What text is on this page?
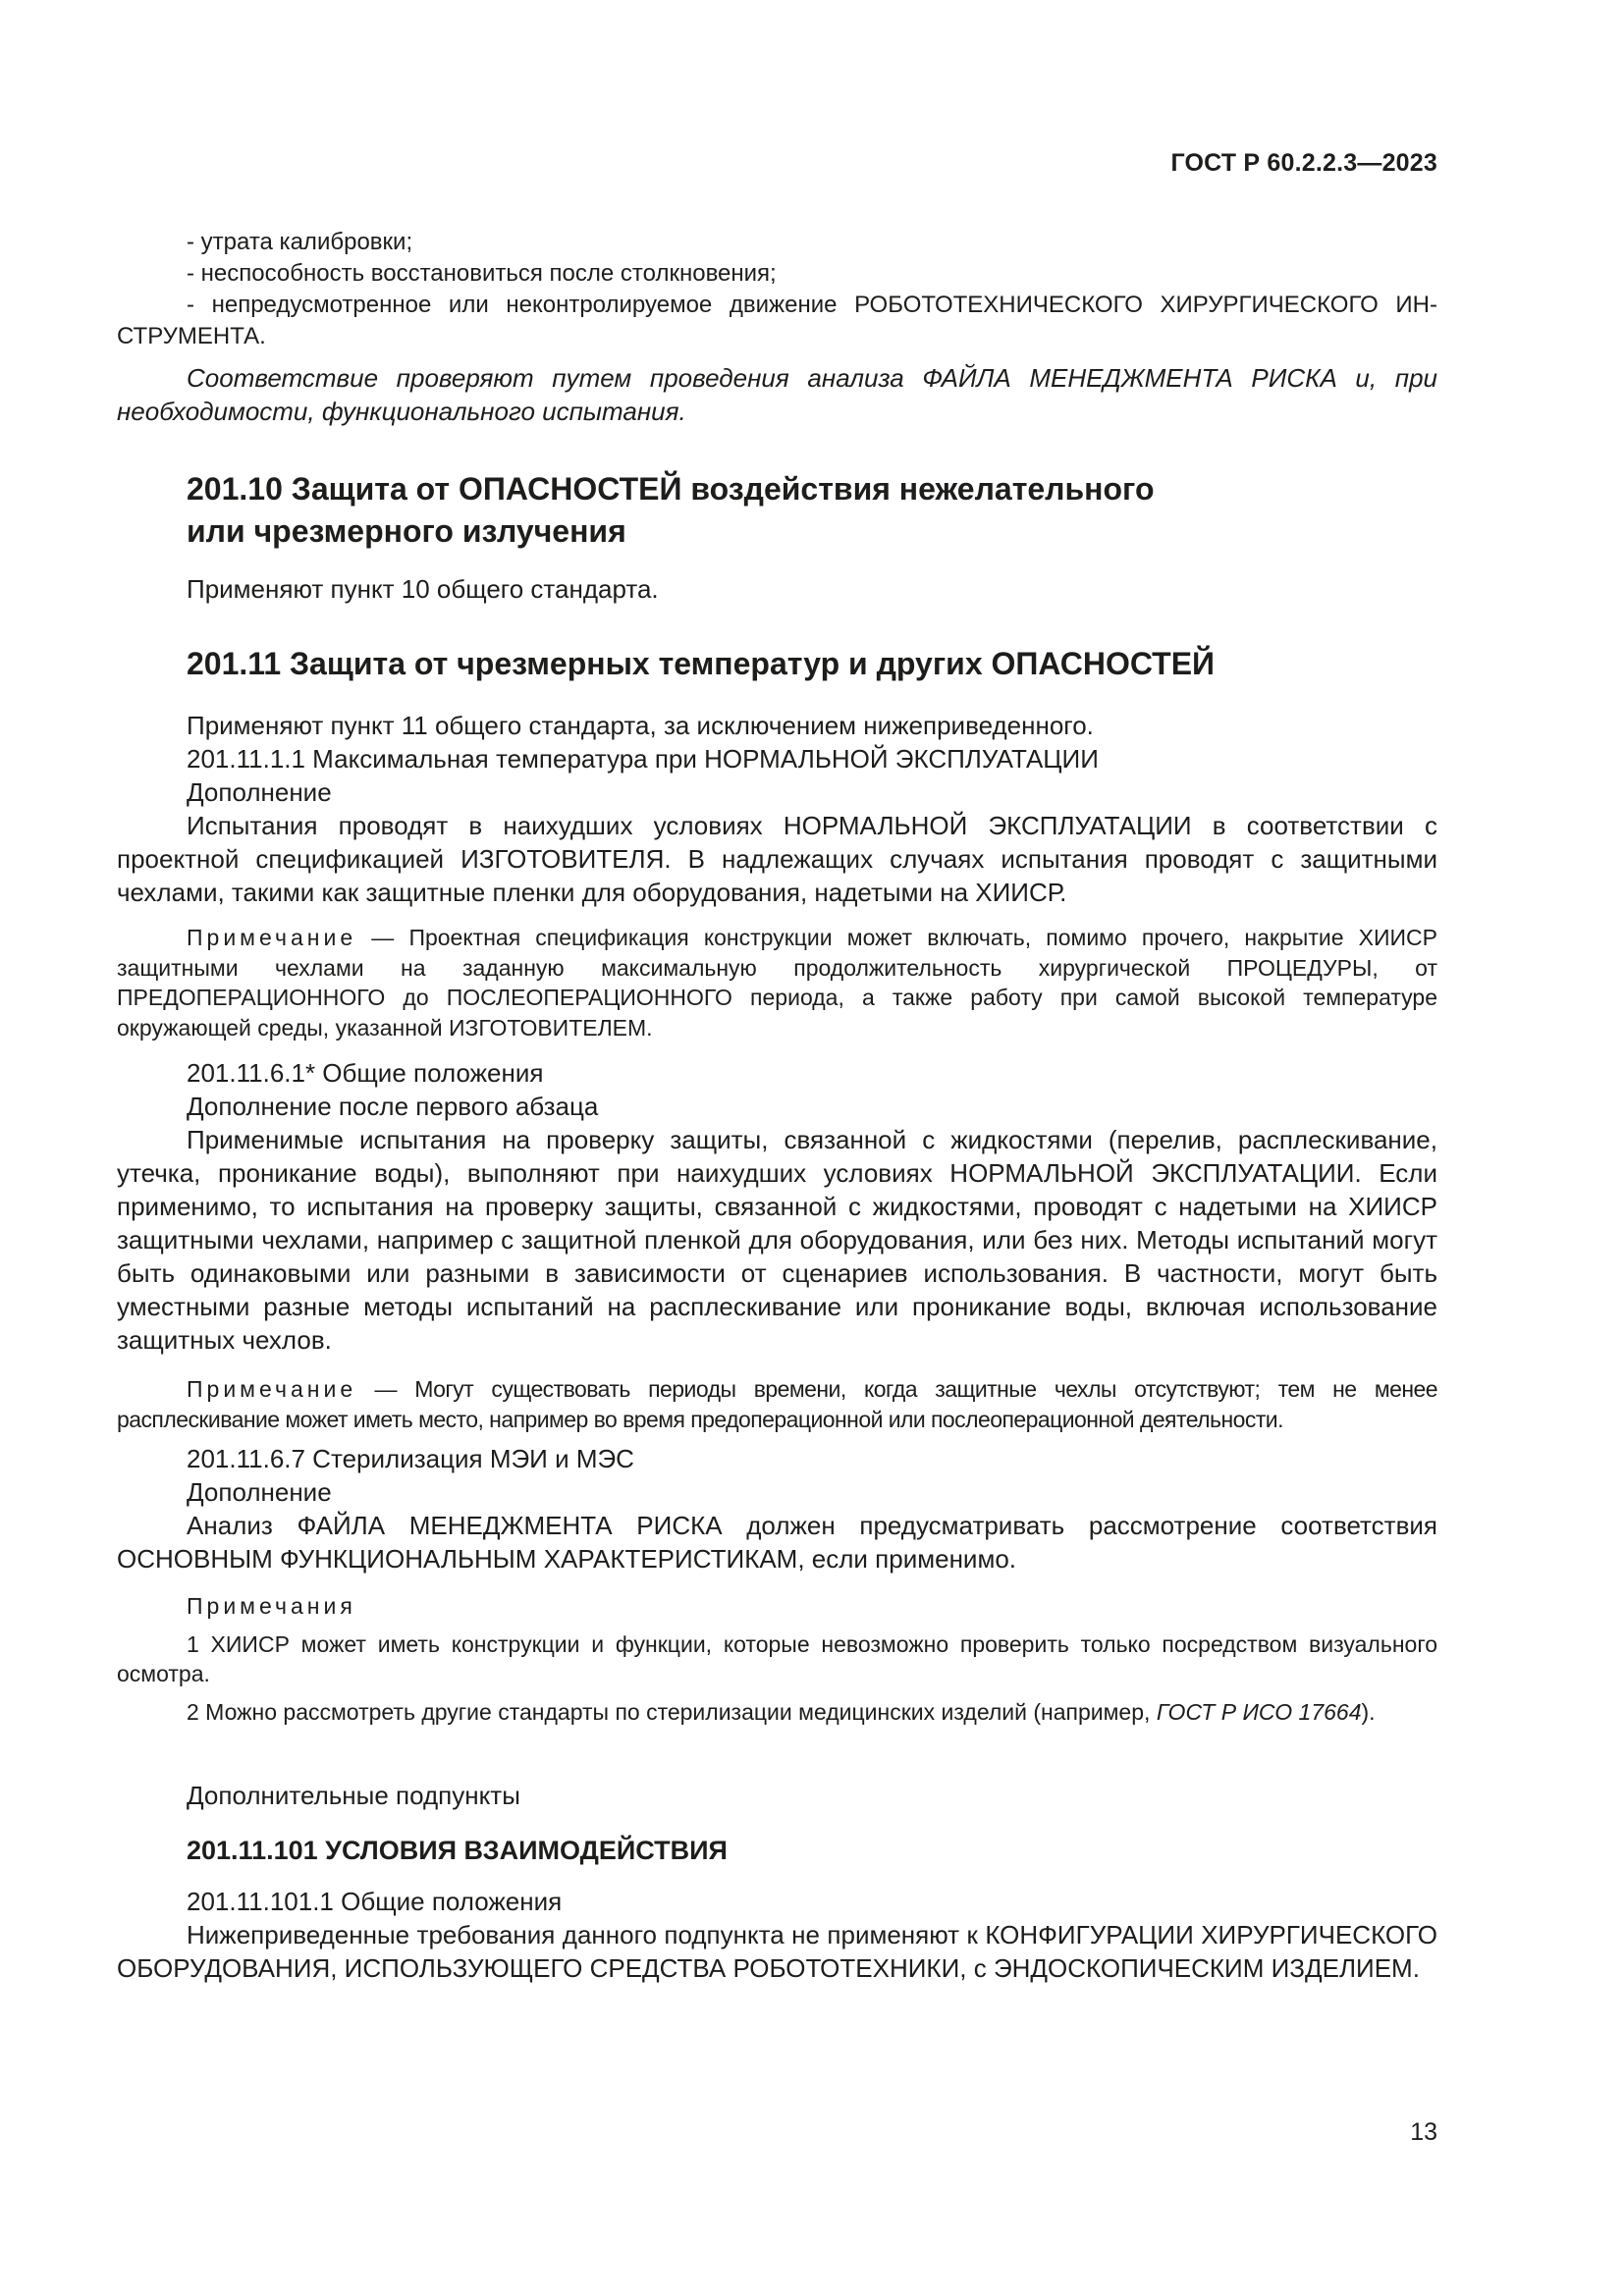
ГОСТ Р 60.2.2.3—2023

- утрата калибровки;

- неспособность восстановиться после столкновения;

- непредусмотренное или неконтролируемое движение РОБОТОТЕХНИЧЕСКОГО ХИРУРГИЧЕСКОГО ИНСТРУМЕНТА.

Соответствие проверяют путем проведения анализа ФАЙЛА МЕНЕДЖМЕНТА РИСКА и, при необходимости, функционального испытания.

201.10 Защита от ОПАСНОСТЕЙ воздействия нежелательного
или чрезмерного излучения

Применяют пункт 10 общего стандарта.

201.11 Защита от чрезмерных температур и других ОПАСНОСТЕЙ

Применяют пункт 11 общего стандарта, за исключением нижеприведенного.

201.11.1.1 Максимальная температура при НОРМАЛЬНОЙ ЭКСПЛУАТАЦИИ

Дополнение

Испытания проводят в наихудших условиях НОРМАЛЬНОЙ ЭКСПЛУАТАЦИИ в соответствии с проектной спецификацией ИЗГОТОВИТЕЛЯ. В надлежащих случаях испытания проводят с защитными чехлами, такими как защитные пленки для оборудования, надетыми на ХИИСР.

Примечание — Проектная спецификация конструкции может включать, помимо прочего, накрытие ХИИСР защитными чехлами на заданную максимальную продолжительность хирургической ПРОЦЕДУРЫ, от ПРЕДОПЕРАЦИОННОГО до ПОСЛЕОПЕРАЦИОННОГО периода, а также работу при самой высокой температуре окружающей среды, указанной ИЗГОТОВИТЕЛЕМ.

201.11.6.1* Общие положения

Дополнение после первого абзаца

Применимые испытания на проверку защиты, связанной с жидкостями (перелив, расплескивание, утечка, проникание воды), выполняют при наихудших условиях НОРМАЛЬНОЙ ЭКСПЛУАТАЦИИ. Если применимо, то испытания на проверку защиты, связанной с жидкостями, проводят с надетыми на ХИИСР защитными чехлами, например с защитной пленкой для оборудования, или без них. Методы испытаний могут быть одинаковыми или разными в зависимости от сценариев использования. В частности, могут быть уместными разные методы испытаний на расплескивание или проникание воды, включая использование защитных чехлов.

Примечание — Могут существовать периоды времени, когда защитные чехлы отсутствуют; тем не менее расплескивание может иметь место, например во время предоперационной или послеоперационной деятельности.

201.11.6.7 Стерилизация МЭИ и МЭС

Дополнение

Анализ ФАЙЛА МЕНЕДЖМЕНТА РИСКА должен предусматривать рассмотрение соответствия ОСНОВНЫМ ФУНКЦИОНАЛЬНЫМ ХАРАКТЕРИСТИКАМ, если применимо.

Примечания

1 ХИИСР может иметь конструкции и функции, которые невозможно проверить только посредством визуального осмотра.

2 Можно рассмотреть другие стандарты по стерилизации медицинских изделий (например, ГОСТ Р ИСО 17664).

Дополнительные подпункты

201.11.101 УСЛОВИЯ ВЗАИМОДЕЙСТВИЯ

201.11.101.1 Общие положения

Нижеприведенные требования данного подпункта не применяют к КОНФИГУРАЦИИ ХИРУРГИЧЕСКОГО ОБОРУДОВАНИЯ, ИСПОЛЬЗУЮЩЕГО СРЕДСТВА РОБОТОТЕХНИКИ, с ЭНДОСКОПИЧЕСКИМ ИЗДЕЛИЕМ.

13
